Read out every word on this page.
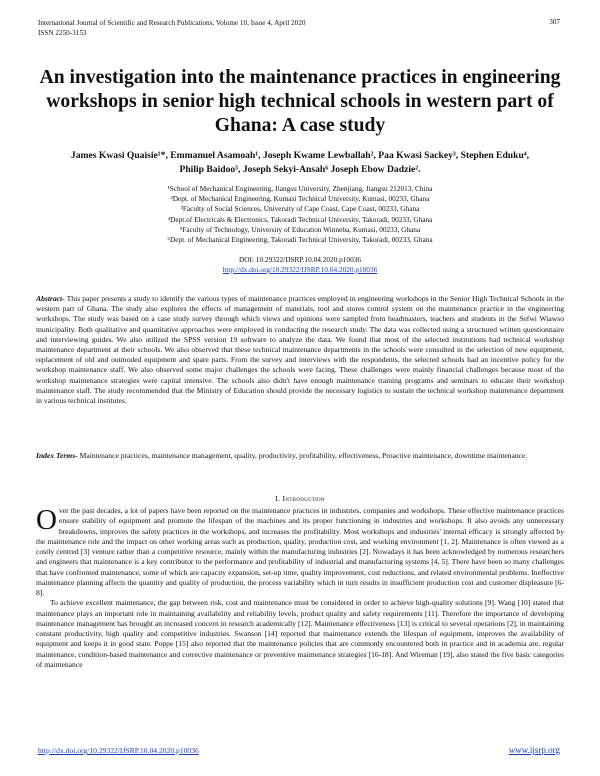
International Journal of Scientific and Research Publications, Volume 10, Issue 4, April 2020
ISSN 2250-3153
307
An investigation into the maintenance practices in engineering workshops in senior high technical schools in western part of Ghana: A case study
James Kwasi Quaisie¹*, Emmanuel Asamoah¹, Joseph Kwame Lewballah², Paa Kwasi Sackey³, Stephen Eduku⁴,
Philip Baidoo⁵, Joseph Sekyi-Ansah⁶ Joseph Ebow Dadzie².
¹School of Mechanical Engineering, Jiangsu University, Zhenjiang, Jiangsu 212013, China
²Dept. of Mechanical Engineering, Kumasi Technical University, Kumasi, 00233, Ghana
³Faculty of Social Sciences, University of Cape Coast, Cape Coast, 00233, Ghana
⁴Dept.of Electricals & Electronics, Takoradi Technical University, Takoradi, 00233, Ghana
⁵Faculty of Technology, University of Education Winneba, Kumasi, 00233, Ghana
⁶Dept. of Mechanical Engineering, Takoradi Technical University, Takoradi, 00233, Ghana
DOI: 10.29322/IJSRP.10.04.2020.p10036
http://dx.doi.org/10.29322/IJSRP.10.04.2020.p10036
Abstract- This paper presents a study to identify the various types of maintenance practices employed in engineering workshops in the Senior High Technical Schools in the western part of Ghana. The study also explores the effects of management of materials, tool and stores control system on the maintenance practice in the engineering workshops. The study was based on a case study survey through which views and opinions were sampled from headmasters, teachers and students in the Sefwi Wiawso municipality. Both qualitative and quantitative approaches were employed in conducting the research study. The data was collected using a structured written questionnaire and interviewing guides. We also utilized the SPSS version 19 software to analyze the data. We found that most of the selected institutions had technical workshop maintenance department at their schools. We also observed that these technical maintenance departments in the schools were consulted in the selection of new equipment, replacement of old and outmoded equipment and spare parts. From the survey and interviews with the respondents, the selected schools had an incentive policy for the workshop maintenance staff. We also observed some major challenges the schools were facing. These challenges were mainly financial challenges because most of the workshop maintenance strategies were capital intensive. The schools also didn't have enough maintenance training programs and seminars to educate their workshop maintenance staff. The study recommended that the Ministry of Education should provide the necessary logistics to sustain the technical workshop maintenance department in various technical institutes.
Index Terms- Maintenance practices, maintenance management, quality, productivity, profitability, effectiveness, Proactive maintenance, downtime maintenance.
I. Introduction

Over the past decades, a lot of papers have been reported on the maintenance practices in industries, companies and workshops. These effective maintenance practices ensure stability of equipment and promote the lifespan of the machines and its proper functioning in industries and workshops. It also avoids any unnecessary breakdowns, improves the safety practices in the workshops, and increases the profitability. Most workshops and industries' internal efficacy is strongly affected by the maintenance role and the impact on other working areas such as production, quality, production cost, and working environment [1, 2]. Maintenance is often viewed as a costly centred [3] venture rather than a competitive resource, mainly within the manufacturing industries [2]. Nowadays it has been acknowledged by numerous researchers and engineers that maintenance is a key contributor to the performance and profitability of industrial and manufacturing systems [4, 5]. There have been so many challenges that have confronted maintenance, some of which are capacity expansion, set-up time, quality improvement, cost reductions, and related environmental problems. Ineffective maintenance planning affects the quantity and quality of production, the process variability which in turn results in insufficient production cost and customer displeasure [6-8].

To achieve excellent maintenance, the gap between risk, cost and maintenance must be considered in order to achieve high-quality solutions [9]. Wang [10] stated that maintenance plays an important role in maintaining availability and reliability levels, product quality and safety requirements [11]. Therefore the importance of developing maintenance management has brought an increased concern in research academically [12]. Maintenance effectiveness [13] is critical to several operations [2], in maintaining constant productivity, high quality and competitive industries. Swanson [14] reported that maintenance extends the lifespan of equipment, improves the availability of equipment and keeps it in good state. Poppe [15] also reported that the maintenance policies that are commonly encountered both in practice and in academia are, regular maintenance, condition-based maintenance and corrective maintenance or preventive maintenance strategies [16-18]. And Wireman [19], also stated the five basic categories of maintenance

http://dx.doi.org/10.29322/IJSRP.10.04.2020.p10036	www.ijsrp.org
